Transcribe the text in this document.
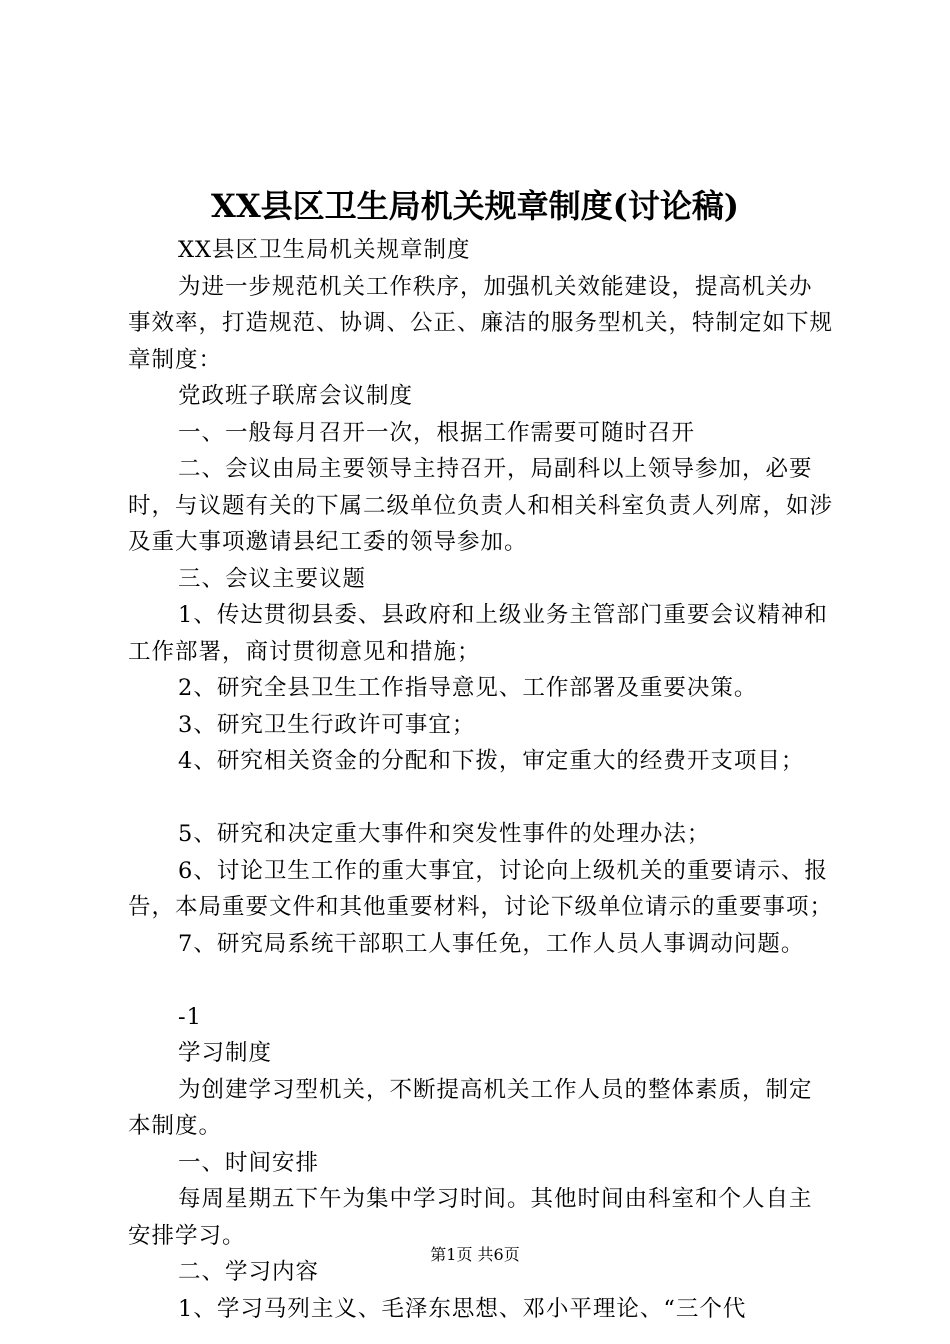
XX县区卫生局机关规章制度(讨论稿)

XX县区卫生局机关规章制度

为进一步规范机关工作秩序，加强机关效能建设，提高机关办事效率，打造规范、协调、公正、廉洁的服务型机关，特制定如下规章制度：

党政班子联席会议制度

一、一般每月召开一次，根据工作需要可随时召开

二、会议由局主要领导主持召开，局副科以上领导参加，必要时，与议题有关的下属二级单位负责人和相关科室负责人列席，如涉及重大事项邀请县纪工委的领导参加。

三、会议主要议题

1、传达贯彻县委、县政府和上级业务主管部门重要会议精神和工作部署，商讨贯彻意见和措施；

2、研究全县卫生工作指导意见、工作部署及重要决策。

3、研究卫生行政许可事宜；

4、研究相关资金的分配和下拨，审定重大的经费开支项目；

5、研究和决定重大事件和突发性事件的处理办法；

6、讨论卫生工作的重大事宜，讨论向上级机关的重要请示、报告，本局重要文件和其他重要材料，讨论下级单位请示的重要事项；

7、研究局系统干部职工人事任免，工作人员人事调动问题。

-1

学习制度

为创建学习型机关，不断提高机关工作人员的整体素质，制定本制度。

一、时间安排

每周星期五下午为集中学习时间。其他时间由科室和个人自主安排学习。

二、学习内容

1、学习马列主义、毛泽东思想、邓小平理论、“三个代

第1页 共6页
